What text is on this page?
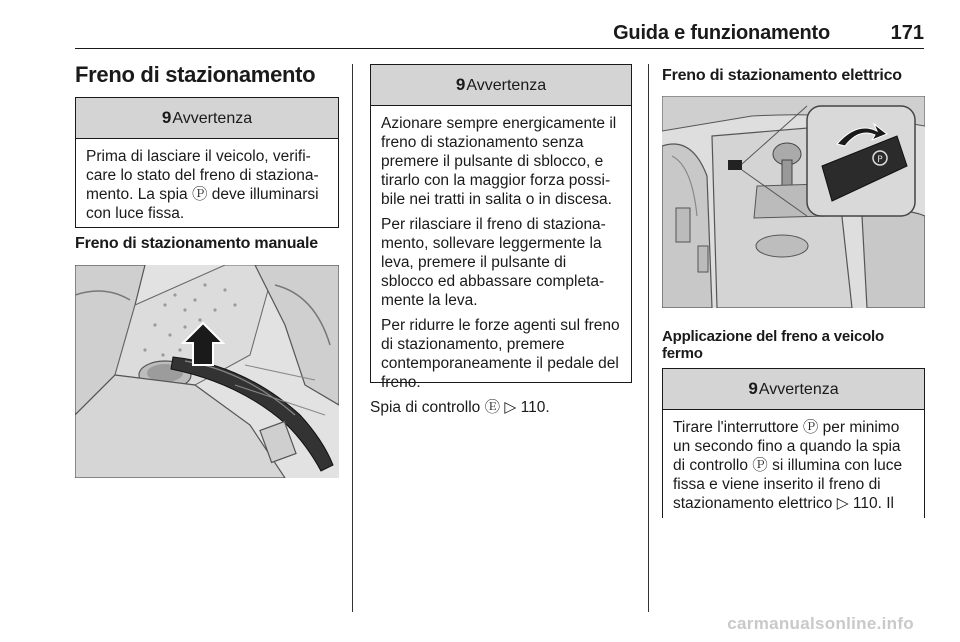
Guida e funzionamento	171
Freno di stazionamento
9Avvertenza

Prima di lasciare il veicolo, verifi-care lo stato del freno di staziona-mento. La spia Ⓟ deve illuminarsi con luce fissa.

Freno di stazionamento manuale
9Avvertenza

Azionare sempre energicamente il freno di stazionamento senza premere il pulsante di sblocco, e tirarlo con la maggior forza possi-bile nei tratti in salita o in discesa.

Per rilasciare il freno di staziona-mento, sollevare leggermente la leva, premere il pulsante di sblocco ed abbassare completa-mente la leva.

Per ridurre le forze agenti sul freno di stazionamento, premere contemporaneamente il pedale del freno.

Spia di controllo Ⓔ ▷ 110.
Freno di stazionamento elettrico
P
Applicazione del freno a veicolo fermo
9Avvertenza

Tirare l'interruttore Ⓟ per minimo un secondo fino a quando la spia di controllo Ⓟ si illumina con luce fissa e viene inserito il freno di stazionamento elettrico ▷ 110. Il

carmanualsonline.info
